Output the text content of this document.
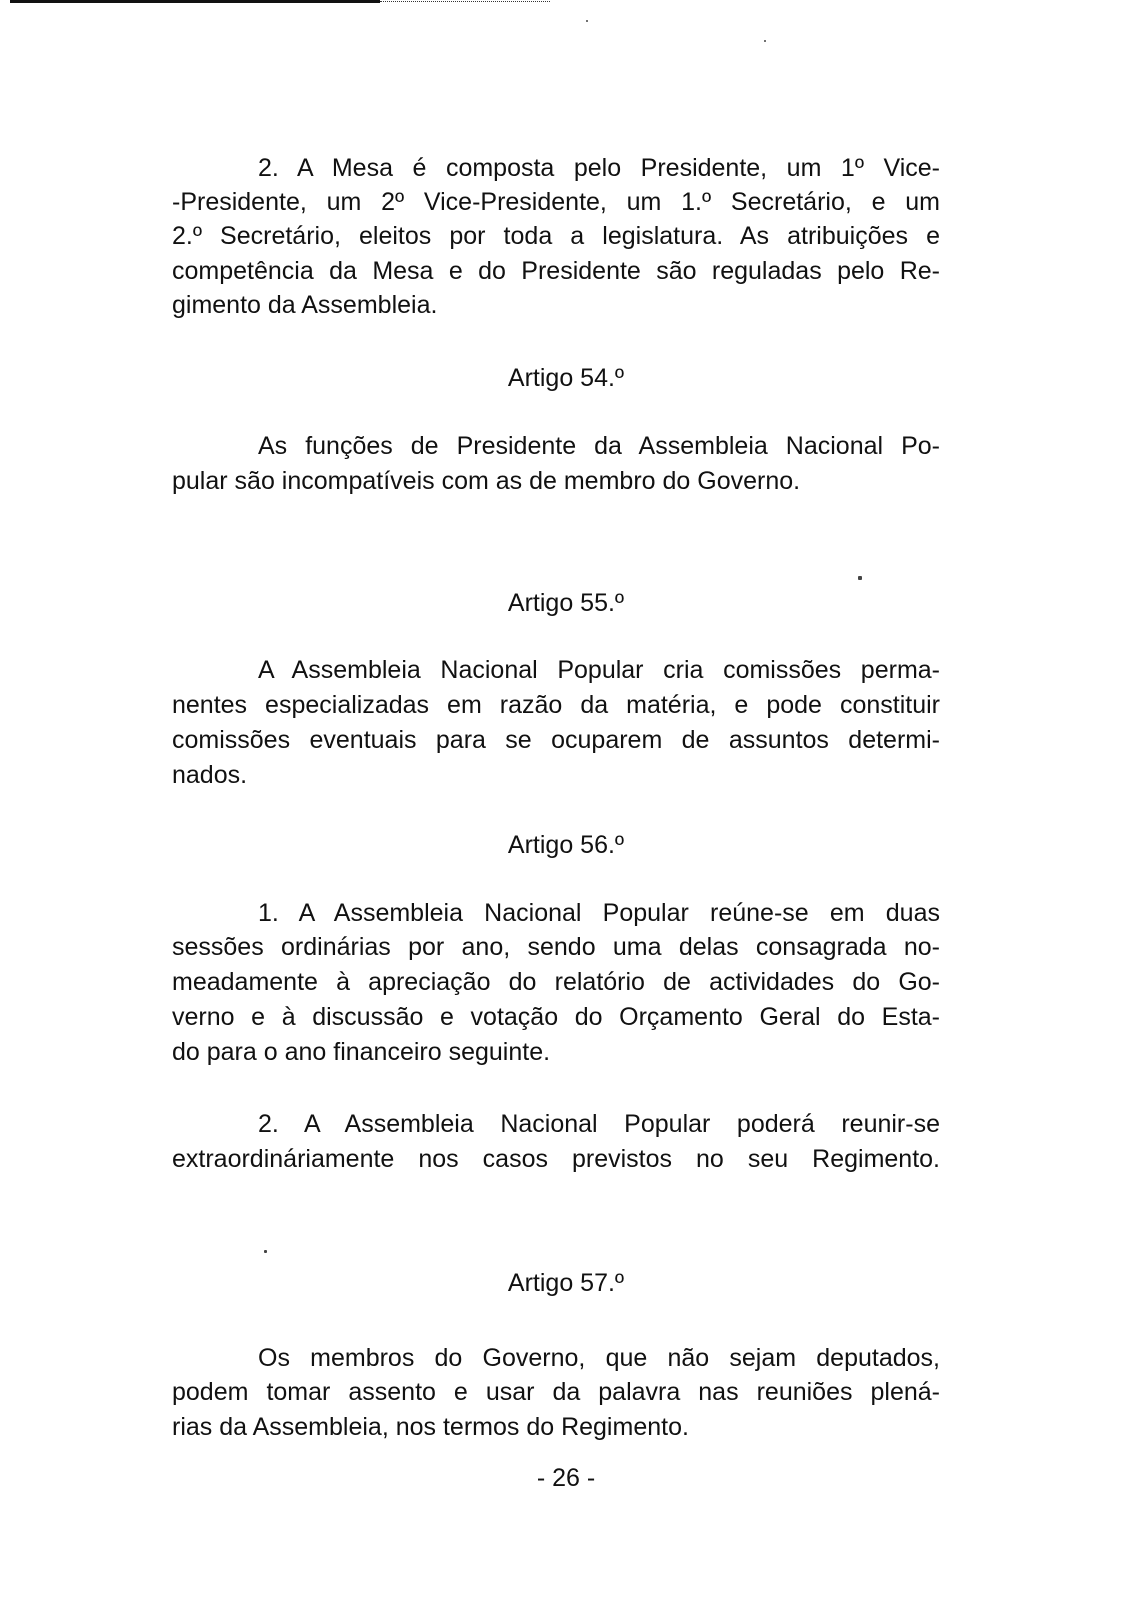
2. A Mesa é composta pelo Presidente, um 1º Vice-
-Presidente, um 2º Vice-Presidente, um 1.º Secretário, e um
2.º Secretário, eleitos por toda a legislatura. As atribuições e
competência da Mesa e do Presidente são reguladas pelo Re-
gimento da Assembleia.
Artigo 54.º
As funções de Presidente da Assembleia Nacional Po-
pular são incompatíveis com as de membro do Governo.
Artigo 55.º
A Assembleia Nacional Popular cria comissões perma-
nentes especializadas em razão da matéria, e pode constituir
comissões eventuais para se ocuparem de assuntos determi-
nados.
Artigo 56.º
1. A Assembleia Nacional Popular reúne-se em duas
sessões ordinárias por ano, sendo uma delas consagrada no-
meadamente à apreciação do relatório de actividades do Go-
verno e à discussão e votação do Orçamento Geral do Esta-
do para o ano financeiro seguinte.
2. A Assembleia Nacional Popular poderá reunir-se
extraordináriamente nos casos previstos no seu Regimento.
Artigo 57.º
Os membros do Governo, que não sejam deputados,
podem tomar assento e usar da palavra nas reuniões plená-
rias da Assembleia, nos termos do Regimento.
- 26 -
